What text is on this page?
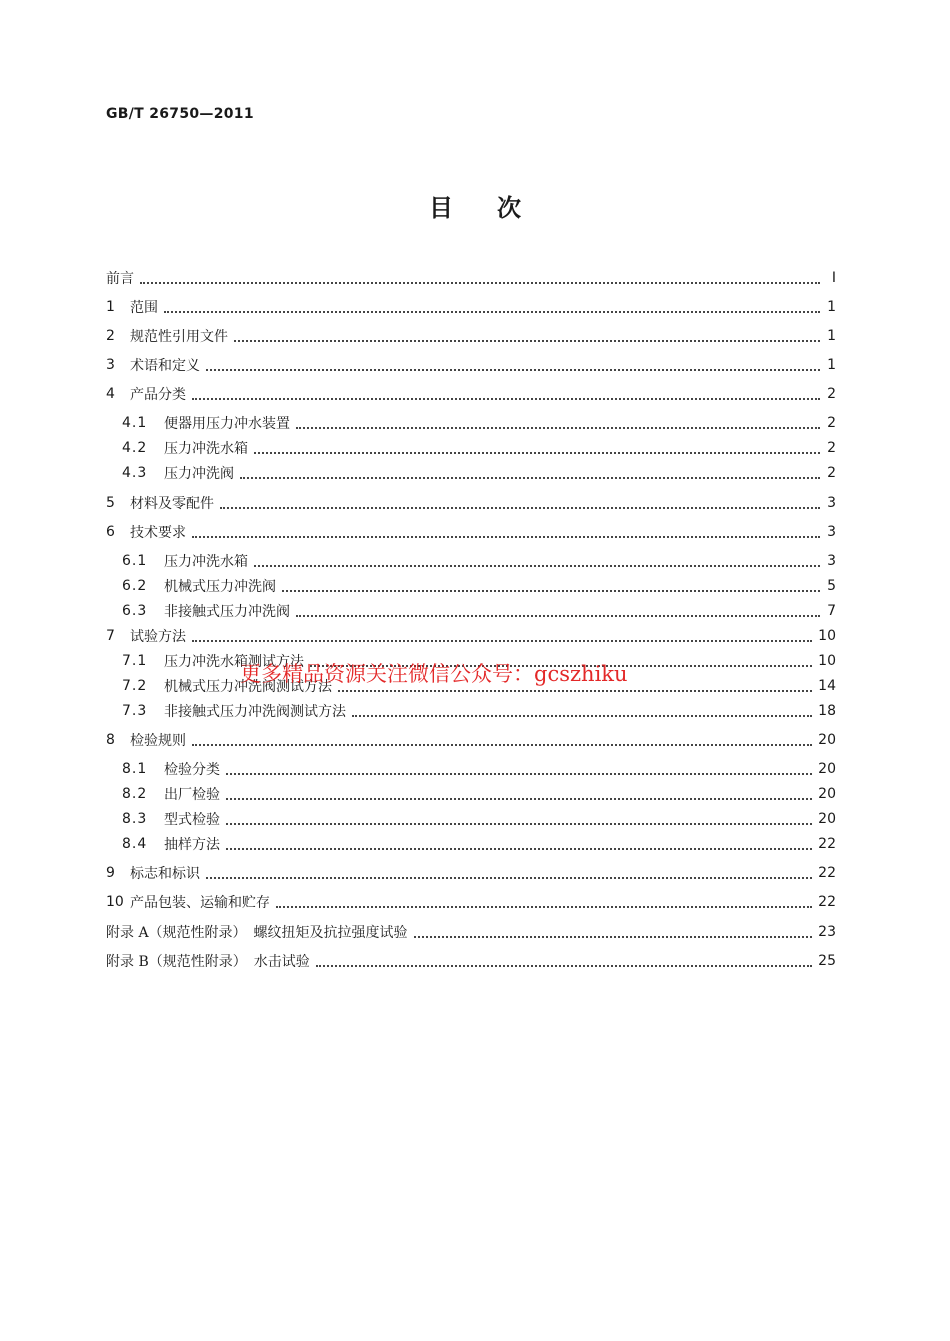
GB/T 26750—2011
目 次
前言	Ⅰ
1	范围	1
2	规范性引用文件	1
3	术语和定义	1
4	产品分类	2
4.1	便器用压力冲水装置	2
4.2	压力冲洗水箱	2
4.3	压力冲洗阀	2
5	材料及零配件	3
6	技术要求	3
6.1	压力冲洗水箱	3
6.2	机械式压力冲洗阀	5
6.3	非接触式压力冲洗阀	7
7	试验方法	10
7.1	压力冲洗水箱测试方法	10
7.2	机械式压力冲洗阀测试方法	14
7.3	非接触式压力冲洗阀测试方法	18
8	检验规则	20
8.1	检验分类	20
8.2	出厂检验	20
8.3	型式检验	20
8.4	抽样方法	22
9	标志和标识	22
10 产品包装、运输和贮存	22
附录 A（规范性附录）　螺纹扭矩及抗拉强度试验	23
附录 B（规范性附录）　水击试验	25
更多精品资源关注微信公众号：gcszhiku
